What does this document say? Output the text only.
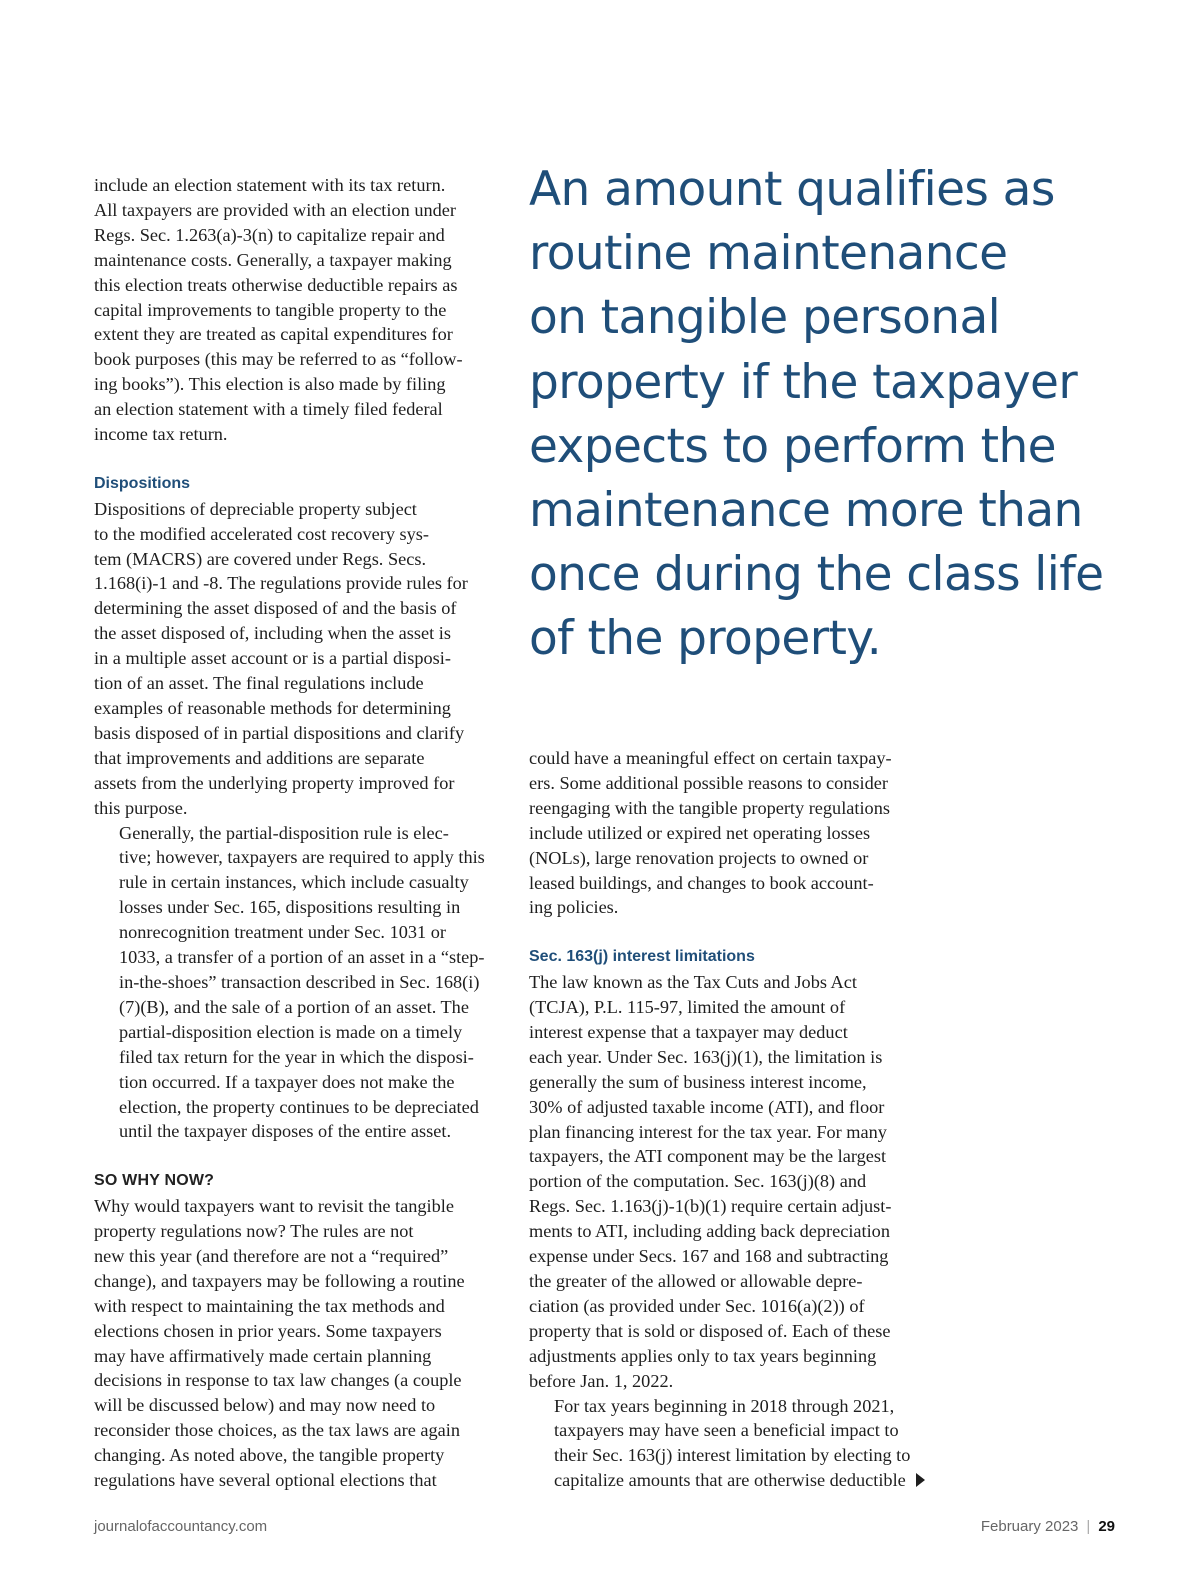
include an election statement with its tax return.
All taxpayers are provided with an election under
Regs. Sec. 1.263(a)-3(n) to capitalize repair and
maintenance costs. Generally, a taxpayer making
this election treats otherwise deductible repairs as
capital improvements to tangible property to the
extent they are treated as capital expenditures for
book purposes (this may be referred to as “follow-
ing books”). This election is also made by filing
an election statement with a timely filed federal
income tax return.

Dispositions

Dispositions of depreciable property subject
to the modified accelerated cost recovery sys-
tem (MACRS) are covered under Regs. Secs.
1.168(i)-1 and -8. The regulations provide rules for
determining the asset disposed of and the basis of
the asset disposed of, including when the asset is
in a multiple asset account or is a partial disposi-
tion of an asset. The final regulations include
examples of reasonable methods for determining
basis disposed of in partial dispositions and clarify
that improvements and additions are separate
assets from the underlying property improved for
this purpose.

Generally, the partial-disposition rule is elec-
tive; however, taxpayers are required to apply this
rule in certain instances, which include casualty
losses under Sec. 165, dispositions resulting in
nonrecognition treatment under Sec. 1031 or
1033, a transfer of a portion of an asset in a “step-
in-the-shoes” transaction described in Sec. 168(i)
(7)(B), and the sale of a portion of an asset. The
partial-disposition election is made on a timely
filed tax return for the year in which the disposi-
tion occurred. If a taxpayer does not make the
election, the property continues to be depreciated
until the taxpayer disposes of the entire asset.

SO WHY NOW?

Why would taxpayers want to revisit the tangible
property regulations now? The rules are not
new this year (and therefore are not a “required”
change), and taxpayers may be following a routine
with respect to maintaining the tax methods and
elections chosen in prior years. Some taxpayers
may have affirmatively made certain planning
decisions in response to tax law changes (a couple
will be discussed below) and may now need to
reconsider those choices, as the tax laws are again
changing. As noted above, the tangible property
regulations have several optional elections that

An amount qualifies as
routine maintenance
on tangible personal
property if the taxpayer
expects to perform the
maintenance more than
once during the class life
of the property.

could have a meaningful effect on certain taxpay-
ers. Some additional possible reasons to consider
reengaging with the tangible property regulations
include utilized or expired net operating losses
(NOLs), large renovation projects to owned or
leased buildings, and changes to book account-
ing policies.

Sec. 163(j) interest limitations

The law known as the Tax Cuts and Jobs Act
(TCJA), P.L. 115-97, limited the amount of
interest expense that a taxpayer may deduct
each year. Under Sec. 163(j)(1), the limitation is
generally the sum of business interest income,
30% of adjusted taxable income (ATI), and floor
plan financing interest for the tax year. For many
taxpayers, the ATI component may be the largest
portion of the computation. Sec. 163(j)(8) and
Regs. Sec. 1.163(j)-1(b)(1) require certain adjust-
ments to ATI, including adding back depreciation
expense under Secs. 167 and 168 and subtracting
the greater of the allowed or allowable depre-
ciation (as provided under Sec. 1016(a)(2)) of
property that is sold or disposed of. Each of these
adjustments applies only to tax years beginning
before Jan. 1, 2022.

For tax years beginning in 2018 through 2021,
taxpayers may have seen a beneficial impact to
their Sec. 163(j) interest limitation by electing to
capitalize amounts that are otherwise deductible

journalofaccountancy.com	February 2023 | 29
